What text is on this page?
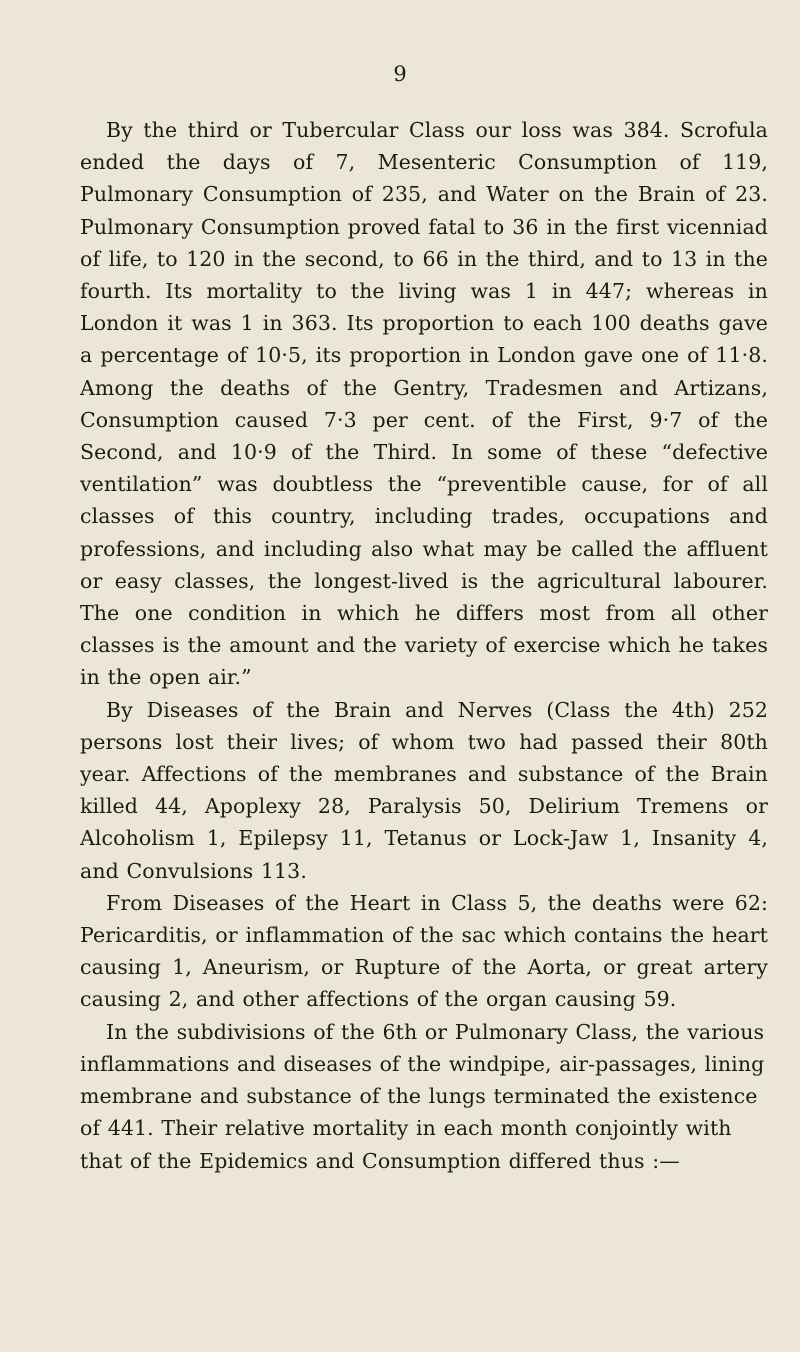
9

By the third or Tubercular Class our loss was 384. Scrofula ended the days of 7, Mesenteric Consumption of 119, Pulmonary Consumption of 235, and Water on the Brain of 23. Pulmonary Consumption proved fatal to 36 in the first vicenniad of life, to 120 in the second, to 66 in the third, and to 13 in the fourth. Its mortality to the living was 1 in 447; whereas in London it was 1 in 363. Its proportion to each 100 deaths gave a percentage of 10·5, its proportion in London gave one of 11·8. Among the deaths of the Gentry, Tradesmen and Artizans, Consumption caused 7·3 per cent. of the First, 9·7 of the Second, and 10·9 of the Third. In some of these “defective ventilation” was doubtless the “preventible cause, for of all classes of this country, including trades, occupations and professions, and including also what may be called the affluent or easy classes, the longest-lived is the agricultural labourer. The one condition in which he differs most from all other classes is the amount and the variety of exercise which he takes in the open air.”

By Diseases of the Brain and Nerves (Class the 4th) 252 persons lost their lives; of whom two had passed their 80th year. Affections of the membranes and substance of the Brain killed 44, Apoplexy 28, Paralysis 50, Delirium Tremens or Alcoholism 1, Epilepsy 11, Tetanus or Lock-Jaw 1, Insanity 4, and Convulsions 113.

From Diseases of the Heart in Class 5, the deaths were 62: Pericarditis, or inflammation of the sac which contains the heart causing 1, Aneurism, or Rupture of the Aorta, or great artery causing 2, and other affections of the organ causing 59.

In the subdivisions of the 6th or Pulmonary Class, the various inflammations and diseases of the windpipe, air-passages, lining membrane and substance of the lungs terminated the existence of 441. Their relative mortality in each month conjointly with that of the Epidemics and Consumption differed thus :—
